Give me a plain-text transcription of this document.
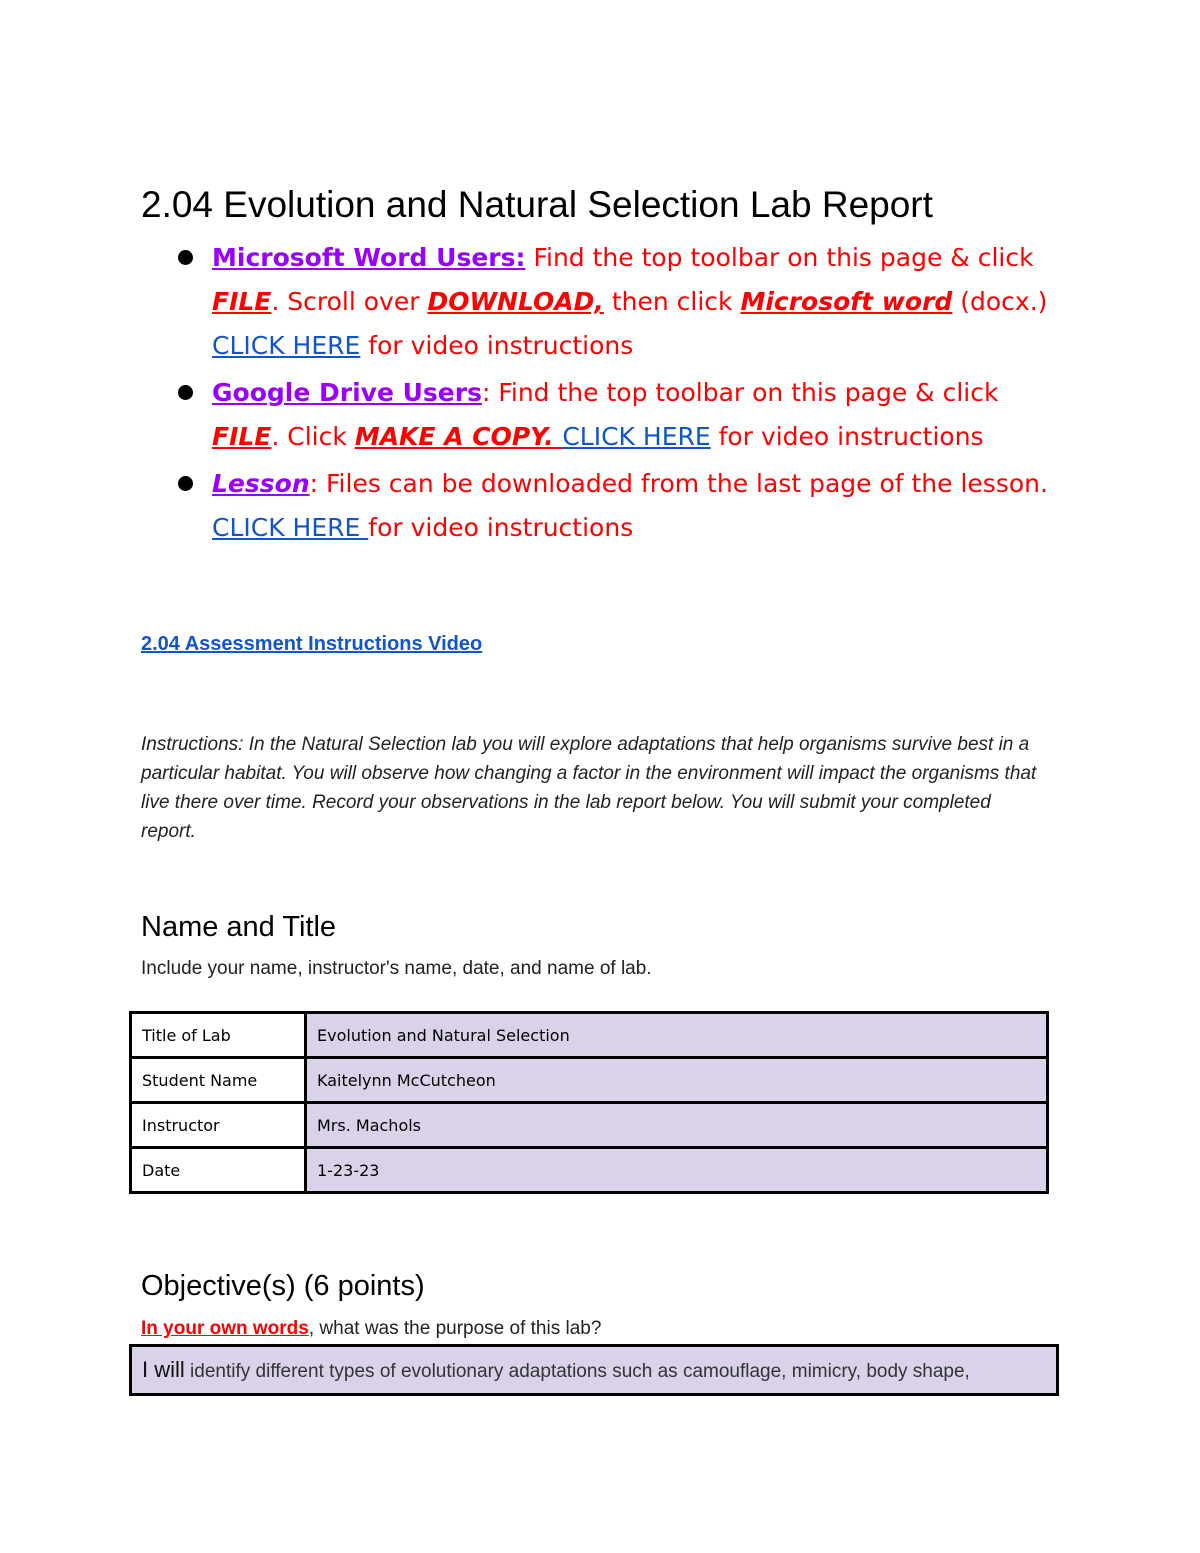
2.04 Evolution and Natural Selection Lab Report
Microsoft Word Users: Find the top toolbar on this page & click FILE. Scroll over DOWNLOAD, then click Microsoft word (docx.) CLICK HERE for video instructions
Google Drive Users: Find the top toolbar on this page & click FILE. Click MAKE A COPY. CLICK HERE for video instructions
Lesson: Files can be downloaded from the last page of the lesson. CLICK HERE for video instructions
2.04 Assessment Instructions Video
Instructions: In the Natural Selection lab you will explore adaptations that help organisms survive best in a particular habitat. You will observe how changing a factor in the environment will impact the organisms that live there over time. Record your observations in the lab report below. You will submit your completed report.
Name and Title
Include your name, instructor's name, date, and name of lab.
Title of Lab	Evolution and Natural Selection
Student Name	Kaitelynn McCutcheon
Instructor	Mrs. Machols
Date	1-23-23
Objective(s) (6 points)
In your own words, what was the purpose of this lab?
I will identify different types of evolutionary adaptations such as camouflage, mimicry, body shape,
